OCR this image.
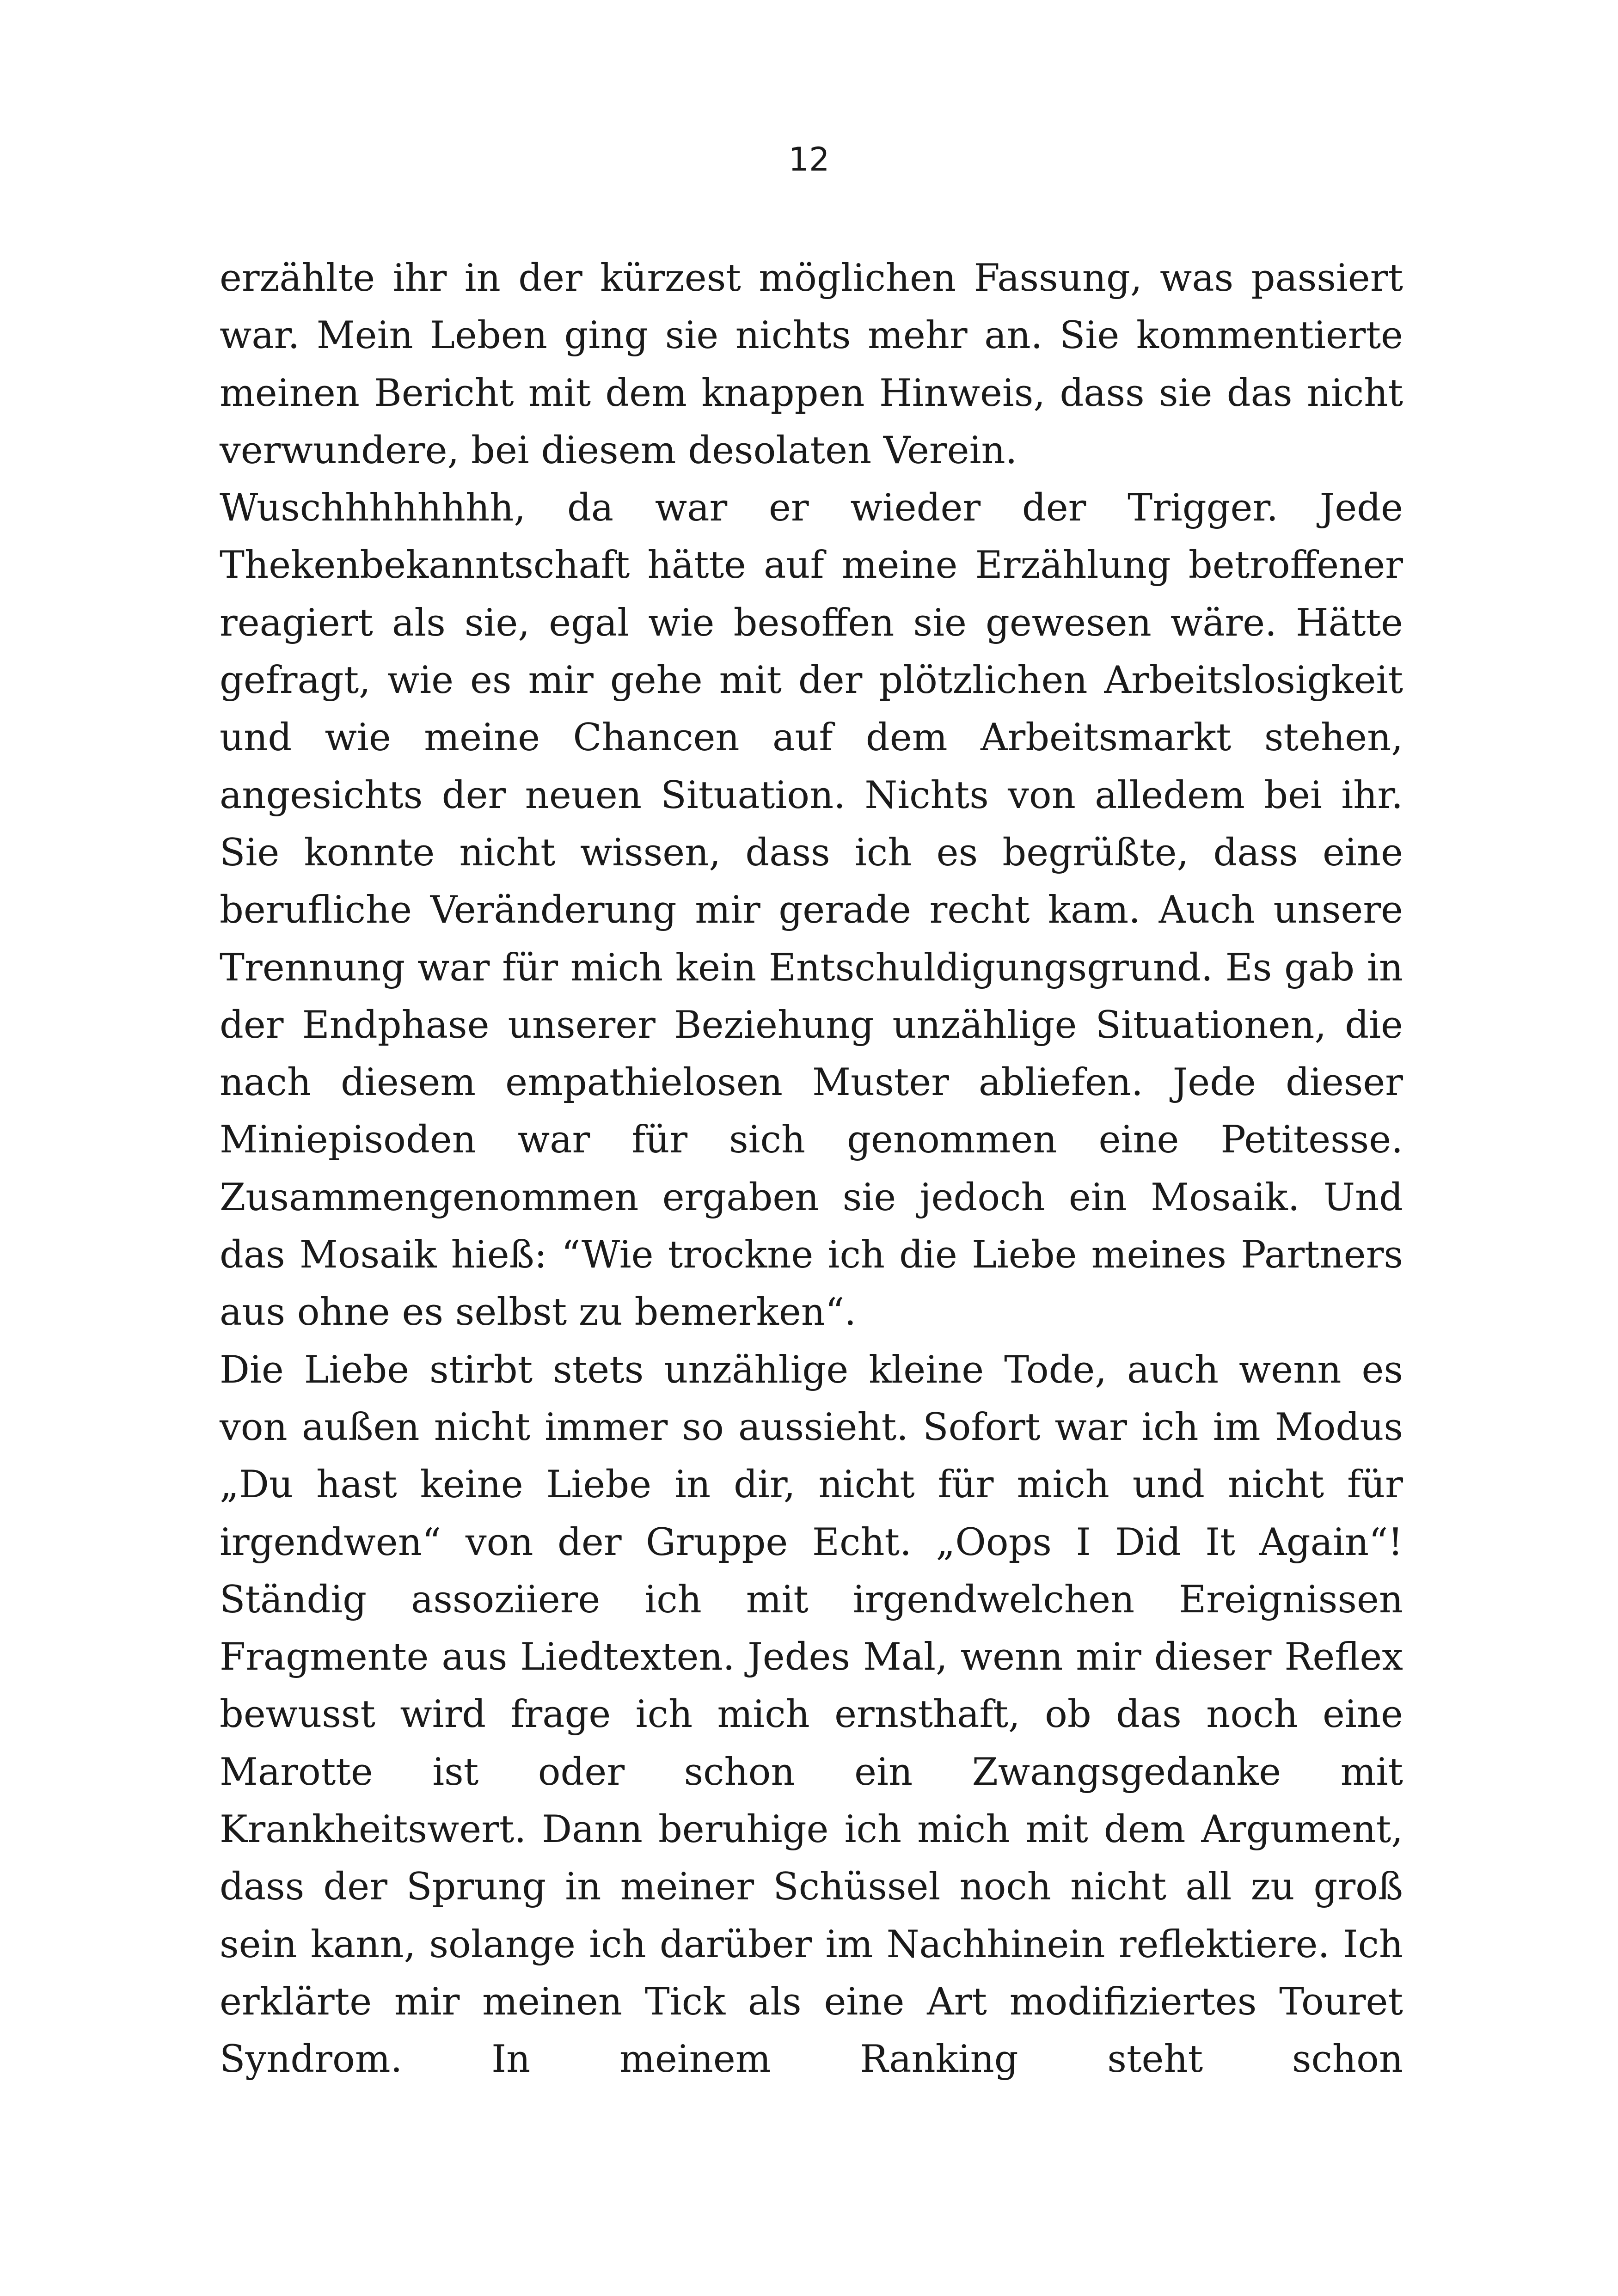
12

erzählte ihr in der kürzest möglichen Fassung, was passiert war. Mein Leben ging sie nichts mehr an. Sie kommentierte meinen Bericht mit dem knappen Hinweis, dass sie das nicht verwundere, bei diesem desolaten Verein.

Wuschhhhhhhh, da war er wieder der Trigger. Jede Thekenbekanntschaft hätte auf meine Erzählung betroffener reagiert als sie, egal wie besoffen sie gewesen wäre. Hätte gefragt, wie es mir gehe mit der plötzlichen Arbeitslosigkeit und wie meine Chancen auf dem Arbeitsmarkt stehen, angesichts der neuen Situation. Nichts von alledem bei ihr. Sie konnte nicht wissen, dass ich es begrüßte, dass eine berufliche Veränderung mir gerade recht kam. Auch unsere Trennung war für mich kein Entschuldigungsgrund. Es gab in der Endphase unserer Beziehung unzählige Situationen, die nach diesem empathielosen Muster abliefen. Jede dieser Miniepisoden war für sich genommen eine Petitesse. Zusammengenommen ergaben sie jedoch ein Mosaik. Und das Mosaik hieß: “Wie trockne ich die Liebe meines Partners aus ohne es selbst zu bemerken“.

Die Liebe stirbt stets unzählige kleine Tode, auch wenn es von außen nicht immer so aussieht. Sofort war ich im Modus „Du hast keine Liebe in dir, nicht für mich und nicht für irgendwen“ von der Gruppe Echt. „Oops I Did It Again“! Ständig assoziiere ich mit irgendwelchen Ereignissen Fragmente aus Liedtexten. Jedes Mal, wenn mir dieser Reflex bewusst wird frage ich mich ernsthaft, ob das noch eine Marotte ist oder schon ein Zwangsgedanke mit Krankheitswert. Dann beruhige ich mich mit dem Argument, dass der Sprung in meiner Schüssel noch nicht all zu groß sein kann, solange ich darüber im Nachhinein reflektiere. Ich erklärte mir meinen Tick als eine Art modifiziertes Touret Syndrom. In meinem Ranking steht schon
